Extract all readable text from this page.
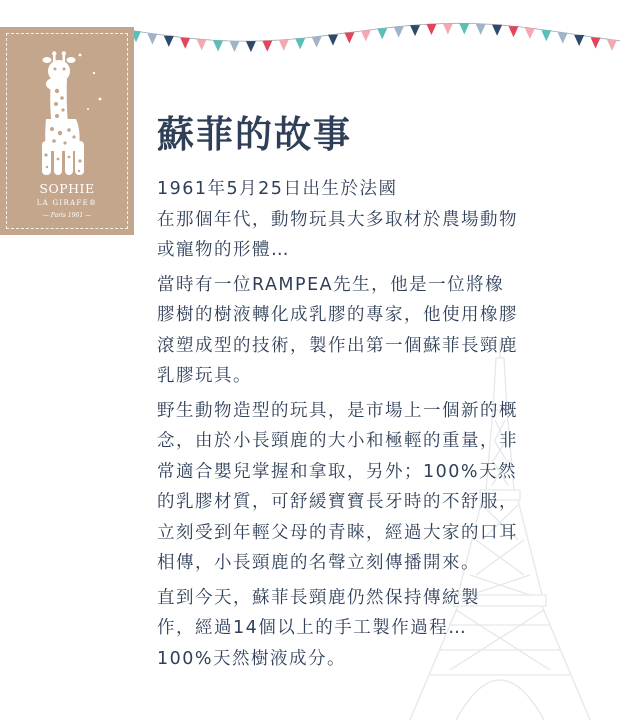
SOPHIE
LA GIRAFE®
— Paris 1961 —
蘇菲的故事

1961年5月25日出生於法國
在那個年代，動物玩具大多取材於農場動物
或寵物的形體…

當時有一位RAMPEA先生，他是一位將橡
膠樹的樹液轉化成乳膠的專家，他使用橡膠
滾塑成型的技術，製作出第一個蘇菲長頸鹿
乳膠玩具。

野生動物造型的玩具，是市場上一個新的概
念，由於小長頸鹿的大小和極輕的重量，非
常適合嬰兒掌握和拿取，另外；100%天然
的乳膠材質，可舒緩寶寶長牙時的不舒服，
立刻受到年輕父母的青睞，經過大家的口耳
相傳，小長頸鹿的名聲立刻傳播開來。

直到今天，蘇菲長頸鹿仍然保持傳統製
作，經過14個以上的手工製作過程…
100%天然樹液成分。
